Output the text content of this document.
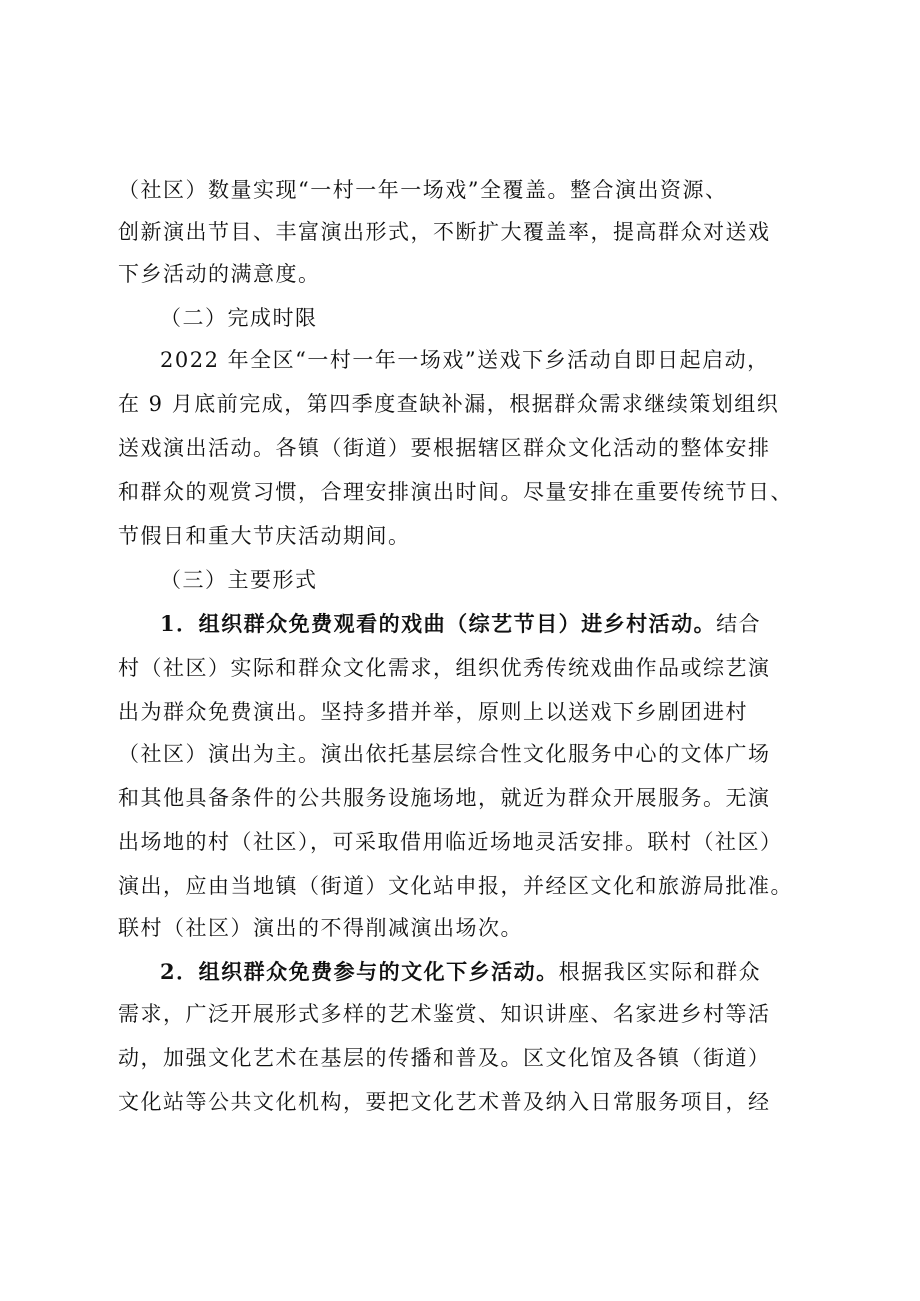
（社区）数量实现“一村一年一场戏”全覆盖。整合演出资源、
创新演出节目、丰富演出形式，不断扩大覆盖率，提高群众对送戏
下乡活动的满意度。
（二）完成时限
2022 年全区“一村一年一场戏”送戏下乡活动自即日起启动，
在 9 月底前完成，第四季度查缺补漏，根据群众需求继续策划组织
送戏演出活动。各镇（街道）要根据辖区群众文化活动的整体安排
和群众的观赏习惯，合理安排演出时间。尽量安排在重要传统节日、
节假日和重大节庆活动期间。
（三）主要形式
1．组织群众免费观看的戏曲（综艺节目）进乡村活动。结合
村（社区）实际和群众文化需求，组织优秀传统戏曲作品或综艺演
出为群众免费演出。坚持多措并举，原则上以送戏下乡剧团进村
（社区）演出为主。演出依托基层综合性文化服务中心的文体广场
和其他具备条件的公共服务设施场地，就近为群众开展服务。无演
出场地的村（社区），可采取借用临近场地灵活安排。联村（社区）
演出，应由当地镇（街道）文化站申报，并经区文化和旅游局批准。
联村（社区）演出的不得削减演出场次。
2．组织群众免费参与的文化下乡活动。根据我区实际和群众
需求，广泛开展形式多样的艺术鉴赏、知识讲座、名家进乡村等活
动，加强文化艺术在基层的传播和普及。区文化馆及各镇（街道）
文化站等公共文化机构，要把文化艺术普及纳入日常服务项目，经
